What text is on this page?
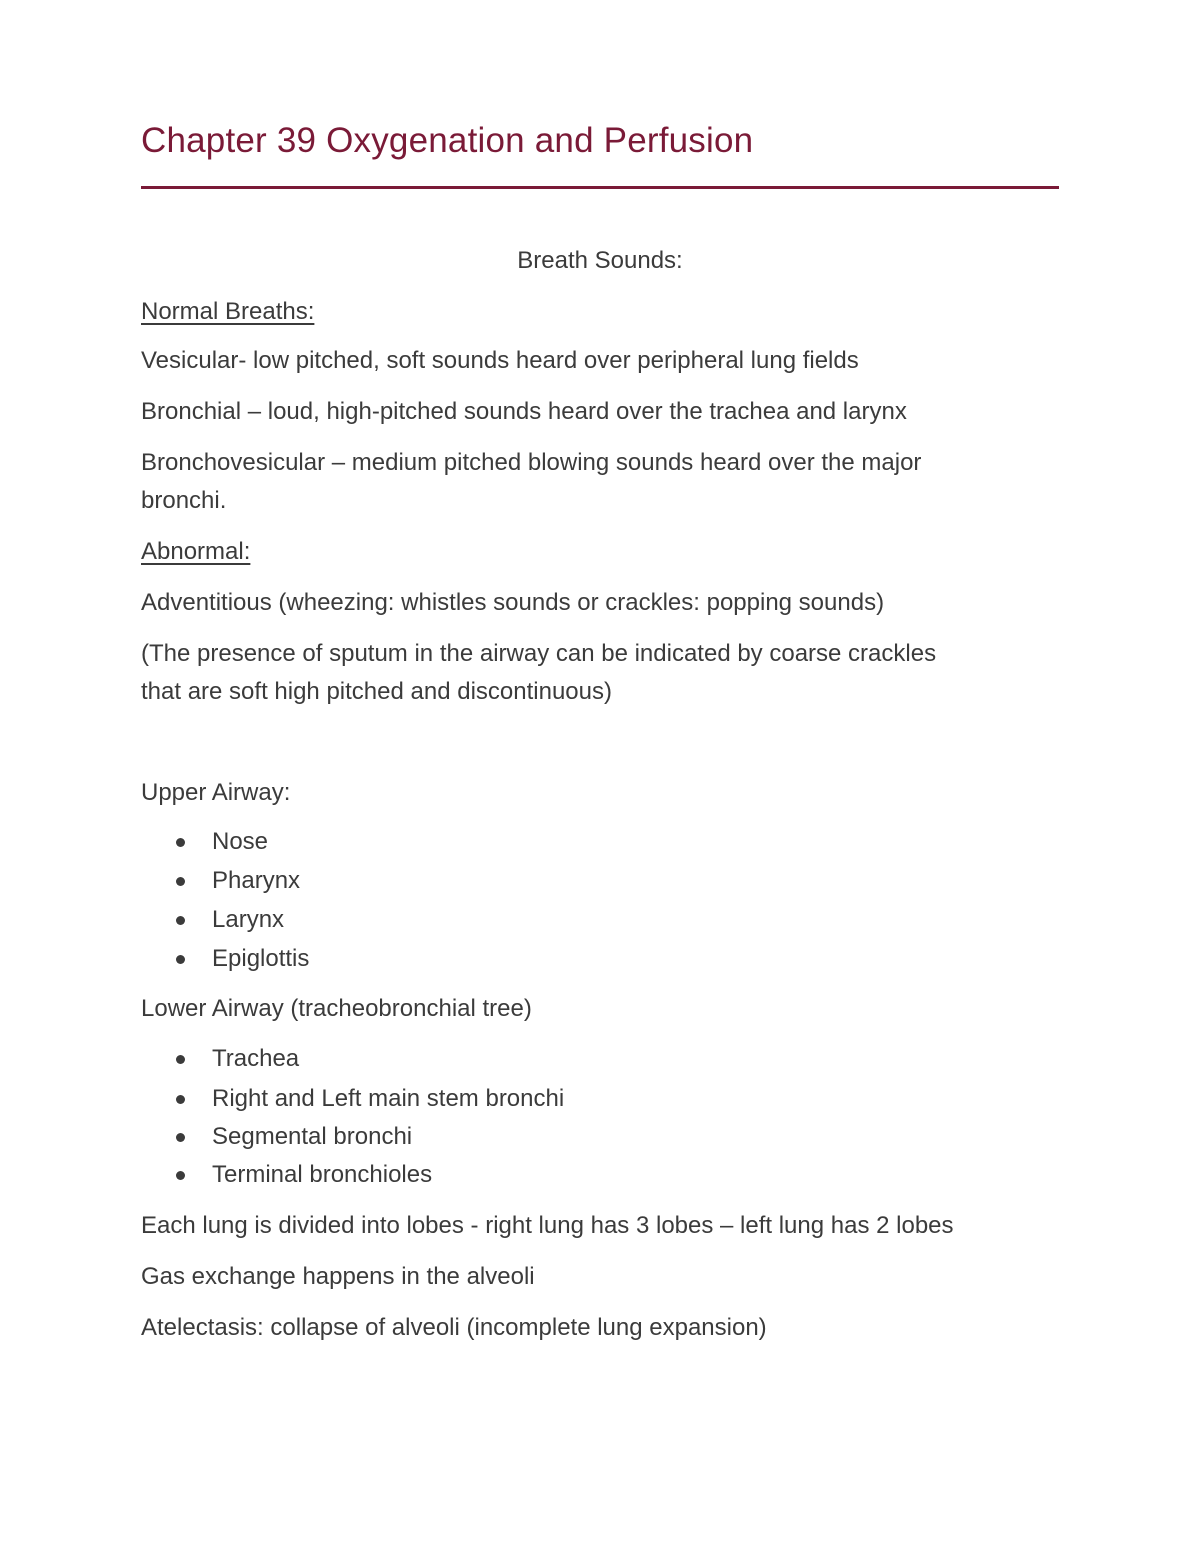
Chapter 39 Oxygenation and Perfusion
Breath Sounds:
Normal Breaths:
Vesicular- low pitched, soft sounds heard over peripheral lung fields
Bronchial – loud, high-pitched sounds heard over the trachea and larynx
Bronchovesicular – medium pitched blowing sounds heard over the major
bronchi.
Abnormal:
Adventitious (wheezing: whistles sounds or crackles: popping sounds)
(The presence of sputum in the airway can be indicated by coarse crackles
that are soft high pitched and discontinuous)
Upper Airway:
Nose
Pharynx
Larynx
Epiglottis
Lower Airway (tracheobronchial tree)
Trachea
Right and Left main stem bronchi
Segmental bronchi
Terminal bronchioles
Each lung is divided into lobes - right lung has 3 lobes – left lung has 2 lobes
Gas exchange happens in the alveoli
Atelectasis: collapse of alveoli (incomplete lung expansion)
